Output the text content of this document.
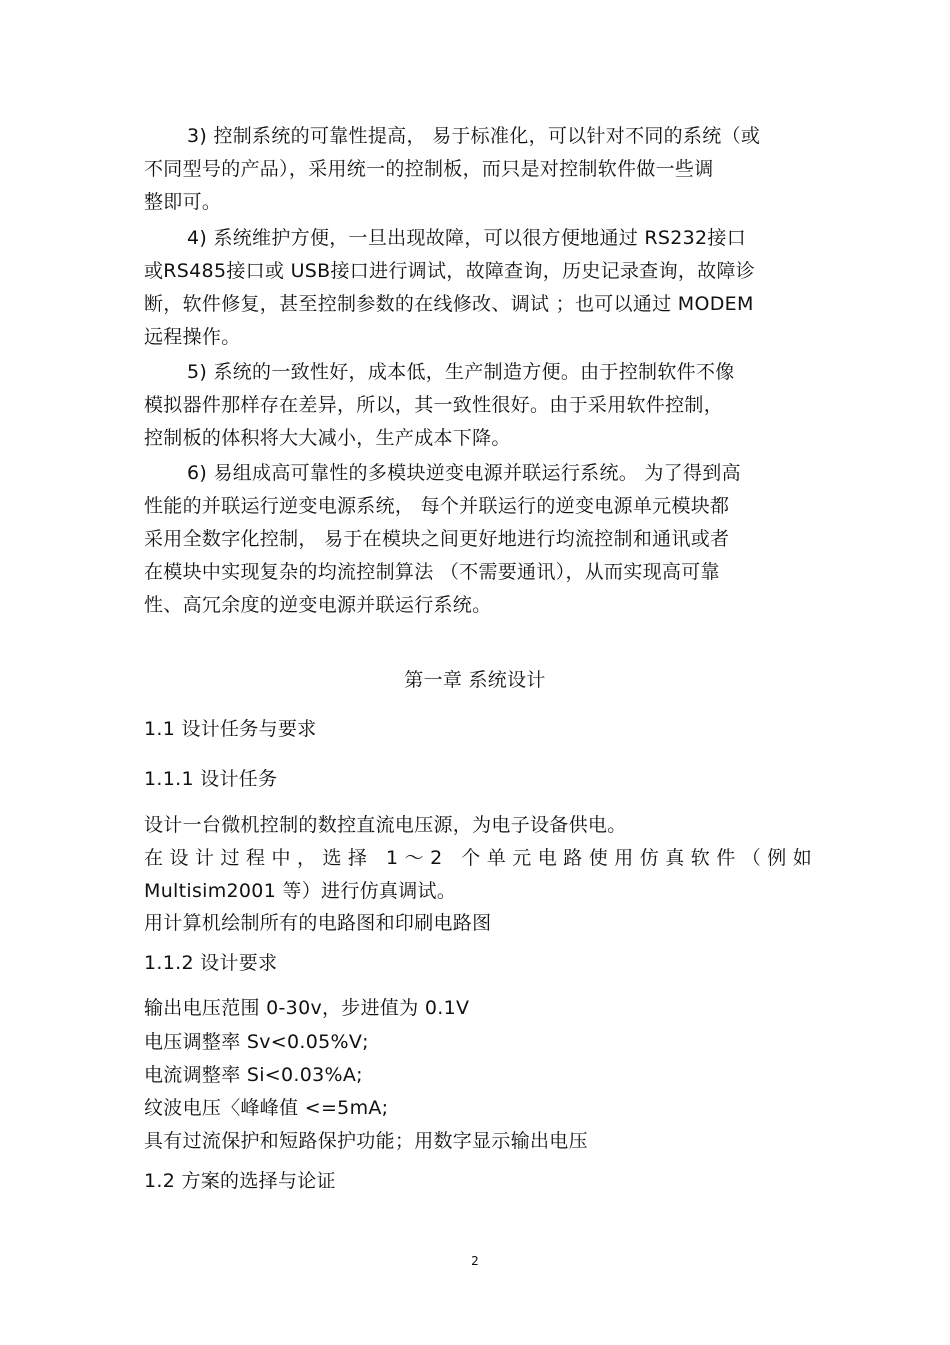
3) 控制系统的可靠性提高， 易于标准化，可以针对不同的系统（或
不同型号的产品），采用统一的控制板，而只是对控制软件做一些调
整即可。
4) 系统维护方便，一旦出现故障，可以很方便地通过 RS232接口
或RS485接口或 USB接口进行调试，故障查询，历史记录查询，故障诊
断，软件修复，甚至控制参数的在线修改、调试 ；也可以通过 MODEM
远程操作。
5) 系统的一致性好，成本低，生产制造方便。由于控制软件不像
模拟器件那样存在差异，所以，其一致性很好。由于采用软件控制，
控制板的体积将大大减小，生产成本下降。
6) 易组成高可靠性的多模块逆变电源并联运行系统。 为了得到高
性能的并联运行逆变电源系统， 每个并联运行的逆变电源单元模块都
采用全数字化控制， 易于在模块之间更好地进行均流控制和通讯或者
在模块中实现复杂的均流控制算法 （不需要通讯），从而实现高可靠
性、高冗余度的逆变电源并联运行系统。
第一章 系统设计
1.1 设计任务与要求
1.1.1 设计任务
设计一台微机控制的数控直流电压源，为电子设备供电。
在设计过程中，选择 1～2 个单元电路使用仿真软件（例如
Multisim2001 等）进行仿真调试。
用计算机绘制所有的电路图和印刷电路图
1.1.2 设计要求
输出电压范围 0-30v，步进值为 0.1V
电压调整率 Sv<0.05%V;
电流调整率 Si<0.03%A;
纹波电压〈峰峰值 <=5mA;
具有过流保护和短路保护功能；用数字显示输出电压
1.2 方案的选择与论证
2
